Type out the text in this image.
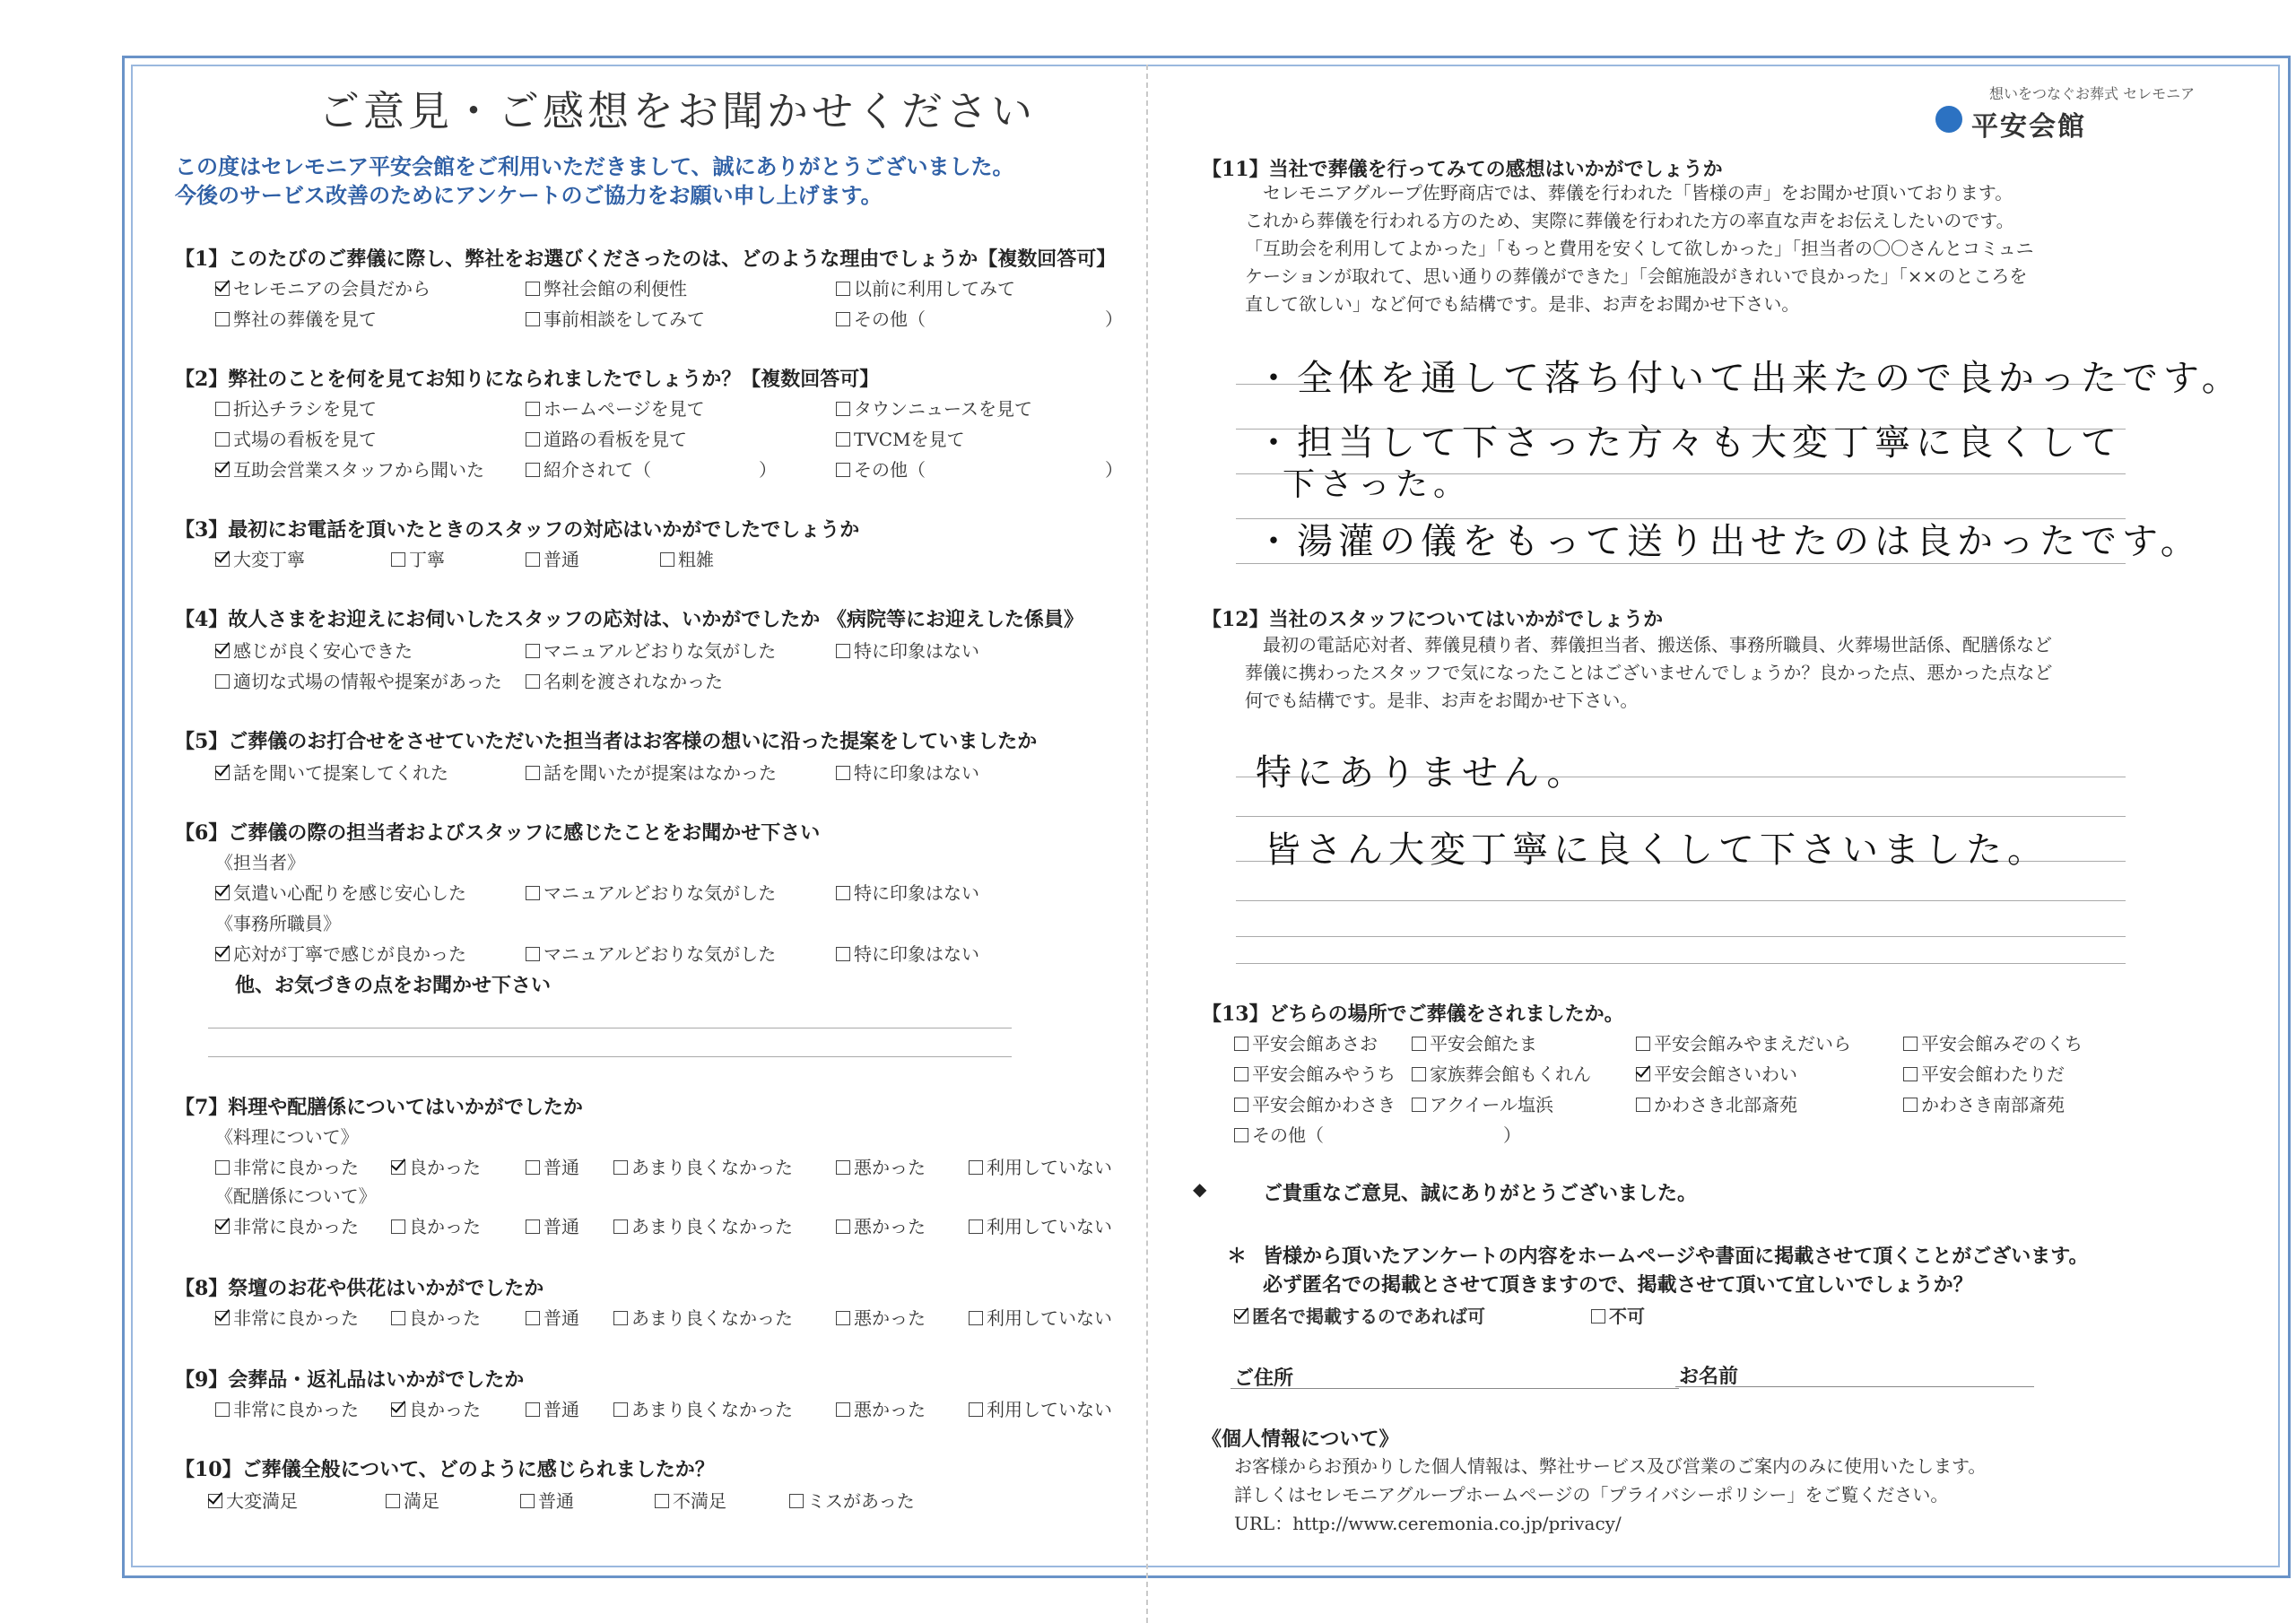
ご意見・ご感想をお聞かせください
この度はセレモニア平安会館をご利用いただきまして、誠にありがとうございました。
今後のサービス改善のためにアンケートのご協力をお願い申し上げます。
想いをつなぐお葬式 セレモニア
平安会館
【1】このたびのご葬儀に際し、弊社をお選びくださったのは、どのような理由でしょうか【複数回答可】
セレモニアの会員だから	弊社会館の利便性	以前に利用してみて
弊社の葬儀を見て	事前相談をしてみて	その他（　　　　　　　　　　）
【2】弊社のことを何を見てお知りになられましたでしょうか？【複数回答可】
折込チラシを見て	ホームページを見て	タウンニュースを見て
式場の看板を見て	道路の看板を見て	TVCMを見て
互助会営業スタッフから聞いた	紹介されて（　　　　　　）	その他（　　　　　　　　　　）
【3】最初にお電話を頂いたときのスタッフの対応はいかがでしたでしょうか
大変丁寧	丁寧	普通	粗雑
【4】故人さまをお迎えにお伺いしたスタッフの応対は、いかがでしたか 《病院等にお迎えした係員》
感じが良く安心できた	マニュアルどおりな気がした	特に印象はない
適切な式場の情報や提案があった	名刺を渡されなかった
【5】ご葬儀のお打合せをさせていただいた担当者はお客様の想いに沿った提案をしていましたか
話を聞いて提案してくれた	話を聞いたが提案はなかった	特に印象はない
【6】ご葬儀の際の担当者およびスタッフに感じたことをお聞かせ下さい
《担当者》
気遣い心配りを感じ安心した	マニュアルどおりな気がした	特に印象はない
《事務所職員》
応対が丁寧で感じが良かった	マニュアルどおりな気がした	特に印象はない
他、お気づきの点をお聞かせ下さい
【7】料理や配膳係についてはいかがでしたか
《料理について》
非常に良かった	良かった	普通	あまり良くなかった	悪かった	利用していない
《配膳係について》
非常に良かった	良かった	普通	あまり良くなかった	悪かった	利用していない
【8】祭壇のお花や供花はいかがでしたか
非常に良かった	良かった	普通	あまり良くなかった	悪かった	利用していない
【9】会葬品・返礼品はいかがでしたか
非常に良かった	良かった	普通	あまり良くなかった	悪かった	利用していない
【10】ご葬儀全般について、どのように感じられましたか？
大変満足	満足	普通	不満足	ミスがあった
【11】当社で葬儀を行ってみての感想はいかがでしょうか
セレモニアグループ佐野商店では、葬儀を行われた「皆様の声」をお聞かせ頂いております。
これから葬儀を行われる方のため、実際に葬儀を行われた方の率直な声をお伝えしたいのです。
「互助会を利用してよかった」「もっと費用を安くして欲しかった」「担当者の〇〇さんとコミュニ
ケーションが取れて、思い通りの葬儀ができた」「会館施設がきれいで良かった」「××のところを
直して欲しい」など何でも結構です。是非、お声をお聞かせ下さい。
・全体を通して落ち付いて出来たので良かったです。
・担当して下さった方々も大変丁寧に良くして
下さった。
・湯灌の儀をもって送り出せたのは良かったです。
【12】当社のスタッフについてはいかがでしょうか
最初の電話応対者、葬儀見積り者、葬儀担当者、搬送係、事務所職員、火葬場世話係、配膳係など
葬儀に携わったスタッフで気になったことはございませんでしょうか？良かった点、悪かった点など
何でも結構です。是非、お声をお聞かせ下さい。
特にありません。
皆さん大変丁寧に良くして下さいました。
【13】どちらの場所でご葬儀をされましたか。
平安会館あさお	平安会館たま	平安会館みやまえだいら	平安会館みぞのくち
平安会館みやうち	家族葬会館もくれん	平安会館さいわい	平安会館わたりだ
平安会館かわさき	アクイール塩浜	かわさき北部斎苑	かわさき南部斎苑
その他（　　　　　　　　　　）
◆	ご貴重なご意見、誠にありがとうございました。
＊ 皆様から頂いたアンケートの内容をホームページや書面に掲載させて頂くことがございます。
必ず匿名での掲載とさせて頂きますので、掲載させて頂いて宜しいでしょうか？
匿名で掲載するのであれば可	不可
ご住所	お名前
《個人情報について》
お客様からお預かりした個人情報は、弊社サービス及び営業のご案内のみに使用いたします。
詳しくはセレモニアグループホームページの「プライバシーポリシー」をご覧ください。
URL：http://www.ceremonia.co.jp/privacy/
